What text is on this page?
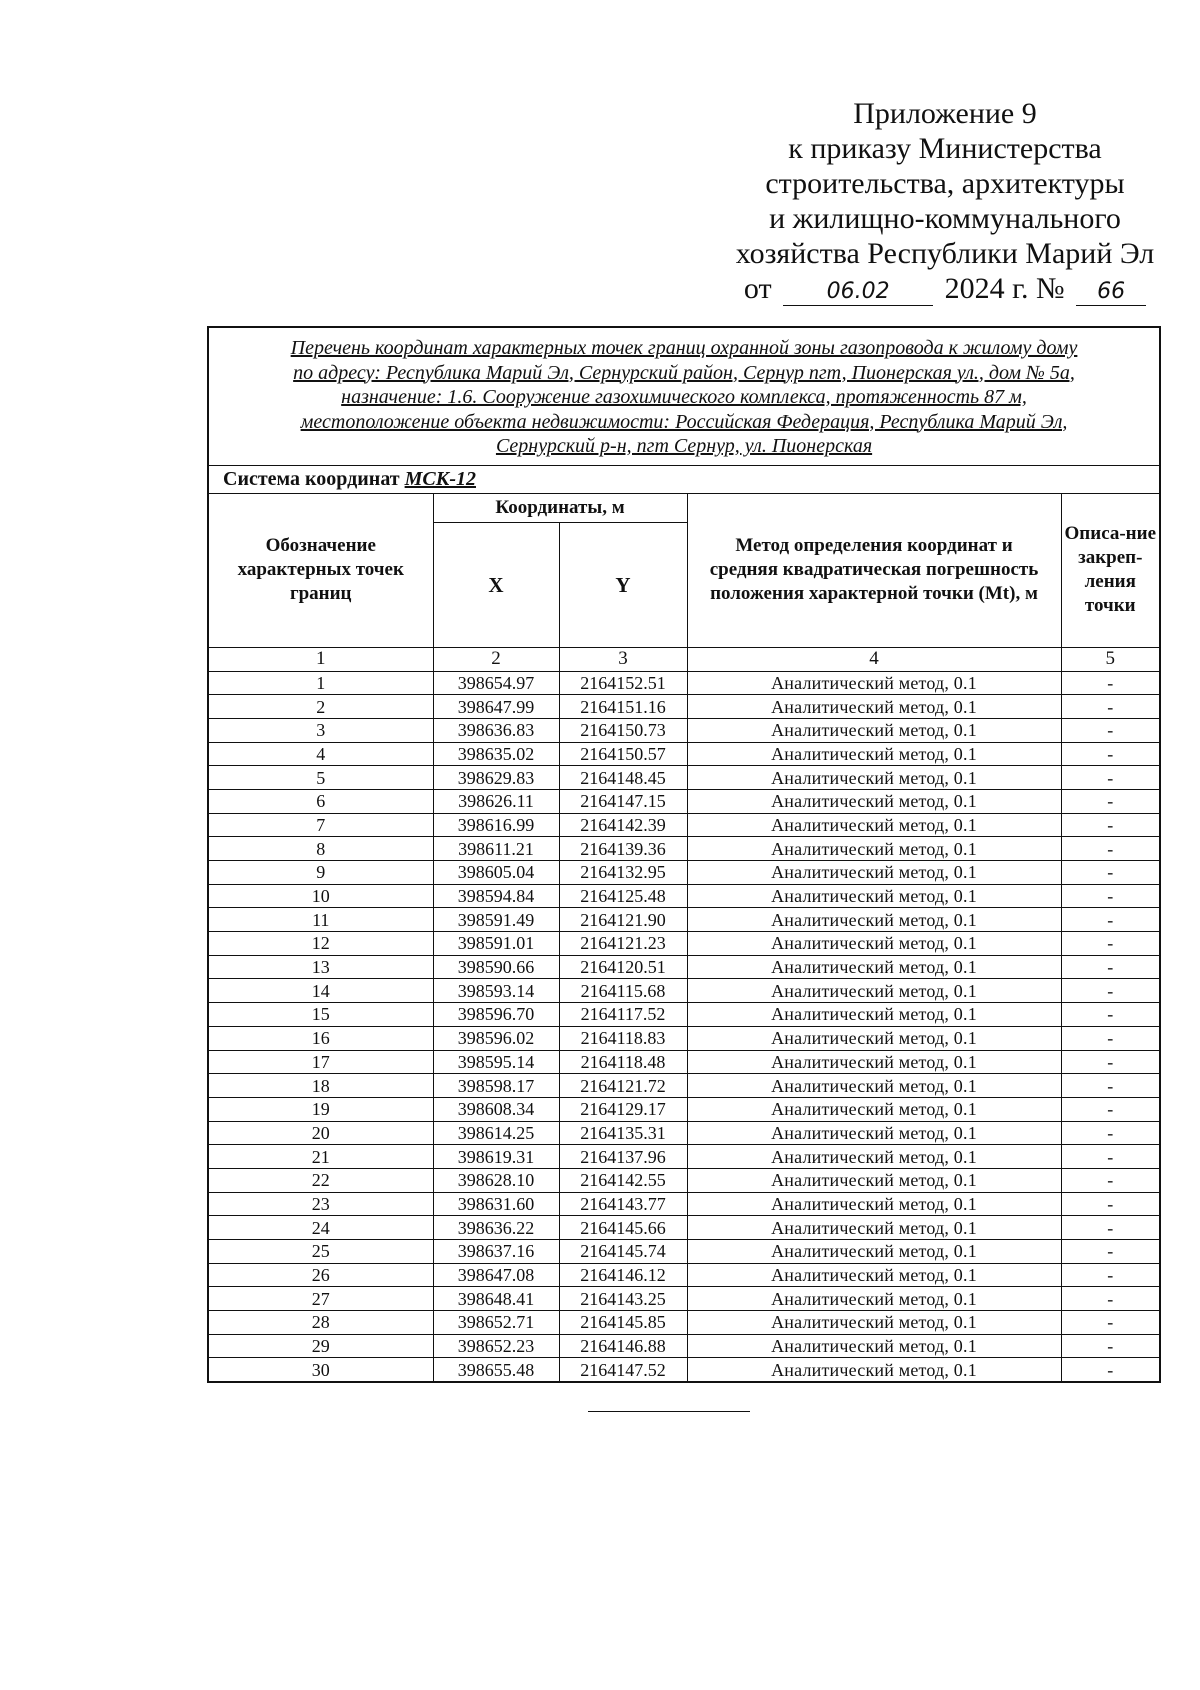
Приложение 9
к приказу Министерства
строительства, архитектуры
и жилищно-коммунального
хозяйства Республики Марий Эл
от	06.02 2024 г. № 66
Перечень координат характерных точек границ охранной зоны газопровода к жилому дому
по адресу: Республика Марий Эл, Сернурский район, Сернур пгт, Пионерская ул., дом № 5а,
назначение: 1.6. Сооружение газохимического комплекса, протяженность 87 м,
местоположение объекта недвижимости: Российская Федерация, Республика Марий Эл,
Сернурский р-н, пгт Сернур, ул. Пионерская				

Система координат МСК-12				
Обозначение характерных точек границ	Координаты, м		Метод определения координат и средняя квадратическая погрешность положения характерной точки (Mt), м	Описа-ние закреп-ления точки
	X	Y		
1	2	3	4	5
1	398654.97	2164152.51	Аналитический метод, 0.1	-
2	398647.99	2164151.16	Аналитический метод, 0.1	-
3	398636.83	2164150.73	Аналитический метод, 0.1	-
4	398635.02	2164150.57	Аналитический метод, 0.1	-
5	398629.83	2164148.45	Аналитический метод, 0.1	-
6	398626.11	2164147.15	Аналитический метод, 0.1	-
7	398616.99	2164142.39	Аналитический метод, 0.1	-
8	398611.21	2164139.36	Аналитический метод, 0.1	-
9	398605.04	2164132.95	Аналитический метод, 0.1	-
10	398594.84	2164125.48	Аналитический метод, 0.1	-
11	398591.49	2164121.90	Аналитический метод, 0.1	-
12	398591.01	2164121.23	Аналитический метод, 0.1	-
13	398590.66	2164120.51	Аналитический метод, 0.1	-
14	398593.14	2164115.68	Аналитический метод, 0.1	-
15	398596.70	2164117.52	Аналитический метод, 0.1	-
16	398596.02	2164118.83	Аналитический метод, 0.1	-
17	398595.14	2164118.48	Аналитический метод, 0.1	-
18	398598.17	2164121.72	Аналитический метод, 0.1	-
19	398608.34	2164129.17	Аналитический метод, 0.1	-
20	398614.25	2164135.31	Аналитический метод, 0.1	-
21	398619.31	2164137.96	Аналитический метод, 0.1	-
22	398628.10	2164142.55	Аналитический метод, 0.1	-
23	398631.60	2164143.77	Аналитический метод, 0.1	-
24	398636.22	2164145.66	Аналитический метод, 0.1	-
25	398637.16	2164145.74	Аналитический метод, 0.1	-
26	398647.08	2164146.12	Аналитический метод, 0.1	-
27	398648.41	2164143.25	Аналитический метод, 0.1	-
28	398652.71	2164145.85	Аналитический метод, 0.1	-
29	398652.23	2164146.88	Аналитический метод, 0.1	-
30	398655.48	2164147.52	Аналитический метод, 0.1	-
